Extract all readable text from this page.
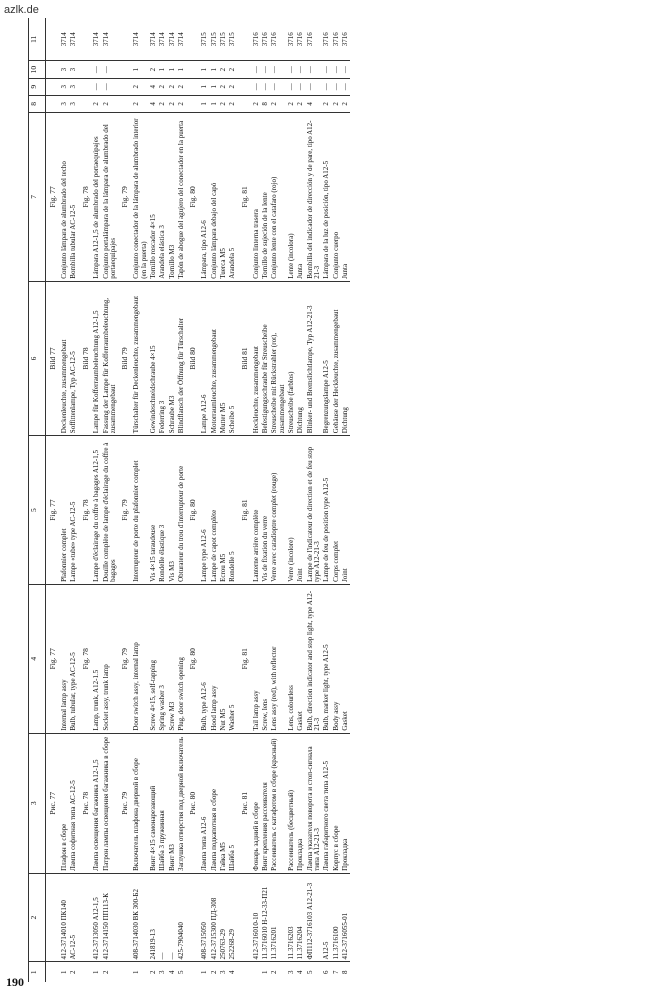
azlk.de
190
1	2	3	4	5	6	7	8	9	10	11
		Рис. 77	Fig. 77	Fig. 77	Bild 77	Fig. 77				
1	412-3714010 ПК140	Плафон в сборе	Internal lamp assy	Plafonnier complet	Deckenleuchte, zusammengebaut	Conjunto lámpara de alumbrado del techo	3	3	3	3714
2	АС-12-5	Лампа софитная типа АС-12-5	Bulb, tubular, type AC-12-5	Lampe «tube» type AC-12-5	Soffittenlampe, Typ AC-12-5	Bombilla tubular AC-12-5	3	3	3	3714
		Рис. 78	Fig. 78	Fig. 78	Bild 78	Fig. 78				
1	412-3713050 А12-1,5	Лампа освещения багажника А12-1,5	Lamp, trunk, A12-1.5	Lampe d'éclairage du coffre à bagages A12-1,5	Lampe für Kofferraumbeleuchtung A12-1,5	Lámpara A12-1,5 de alumbrado del portaequipajes	2	—	—	3714
2	412-3714150 ПП113-К	Патрон лампы освещения багажника в сборе	Socket assy, trunk lamp	Douille complète de lampe d'éclairage du coffre à bagages	Fassung der Lampe für Kofferraumbeleuchtung, zusammengebaut	Conjunto portalámpara de la lámpara de alumbrado del portaequipajes	2	—	—	3714
		Рис. 79	Fig. 79	Fig. 79	Bild 79	Fig. 79				
1	408-3714030 ВК 300-Б2	Включатель плафона дверной в сборе	Door switch assy, internal lamp	Interrupteur de porte du plafonnier complet	Türschalter für Deckenleuchte, zusammengebaut	Conjunto conectador de la lámpara de alumbrado interior (en la puerta)	2	2	1	3714
2	241819-13	Винт 4×15 самонарезающий	Screw 4×15, self-tapping	Vis 4×15 taraudeuse	Gewindeschneidschraube 4×15	Tornillo roscador 4×15	4	4	2	3714
3	—	Шайба 3 пружинная	Spring washer 3	Rondelle élastique 3	Federring 3	Arandela elástica 3	2	2	1	3714
4	—	Винт М3	Screw M3	Vis M3	Schraube M3	Tornillo M3	2	2	1	3714
5	425-7904040	Заглушка отверстия под дверной включатель	Plug, door switch opening	Obturateur du trou d'interrupteur de porte	Blindflansch der Öffnung für Türschalter	Tapón de abogue del agujero del conectador en la puerta	2	2	1	3714
		Рис. 80	Fig. 80	Fig. 80	Bild 80	Fig. 80				
1	408-3715050	Лампа типа А12-6	Bulb, type A12-6	Lampe type A12-6	Lampe A12-6	Lámpara, tipo A12-6	1	1	1	3715
2	412-3715300 ПД-308	Лампа подкапотная в сборе	Hood lamp assy	Lampe de capot complète	Motorraumleuchte, zusammengebaut	Conjunto lámpara debajo del capó	1	1	1	3715
3	250763-29	Гайка М5	Nut M5	Ecrou M5	Mutter M5	Tuerca M5	2	2	2	3715
4	252268-29	Шайба 5	Washer 5	Rondelle 5	Scheibe 5	Arandela 5	2	2	2	3715
		Рис. 81	Fig. 81	Fig. 81	Bild 81	Fig. 81				
	412-3716010-10	Фонарь задний в сборе	Tail lamp assy	Lanterne arrière complète	Heckleuchte, zusammengebaut	Conjunto linterna trasera	2	—	—	3716
1	11.3716010 Н-12-33-П21	Винт крепления рассеивателя	Screw, lens	Vis de fixation du verre	Befestigungsschraube für Streuscheibe	Tornillo de sujeción de la lente	8	—	—	3716
2	11.3716201	Рассеиватель с катафотом в сборе (красный)	Lens assy (red), with reflector	Verre avec catadioptre complet (rouge)	Streuscheibe mit Rückstrahler (rot), zusammengebaut	Conjunto lente con el catafaro (rojo)	2	—	—	3716
3	11.3716203	Рассеиватель (бесцветный)	Lens, colourless	Verre (incolore)	Streuscheibe (farblos)	Lente (incolora)	2	—	—	3716
4	11.3716204	Прокладка	Gasket	Joint	Dichtung	Junta	2	—	—	3716
5	ФП112-3716103 А12-21-3	Лампа указателя поворота и стоп-сигнала типа А12-21-3	Bulb, direction indicator and stop light, type A12-21-3	Lampe de l'indicateur de direction et de feu stop type A12-21-3	Blinker- und Bremslichtlampe, Typ A12-21-3	Bombilla del indicador de dirección y de pare, tipo A12-21-3	4	—	—	3716
6	А12-5	Лампа габаритного света типа А12-5	Bulb, marker light, type A12-5	Lampe de feu de position type A12-5	Begrenzungslampe A12-5	Lámpara de la luz de posición, tipo A12-5	2	—	—	3716
7	11.3716100	Корпус в сборе	Body assy	Corps complet	Gehäuse der Heckleuchte, zusammengebaut	Conjunto cuerpo	2	—	—	3716
8	412-3716055-01	Прокладка	Gasket	Joint	Dichtung	Junta	2	—	—	3716
